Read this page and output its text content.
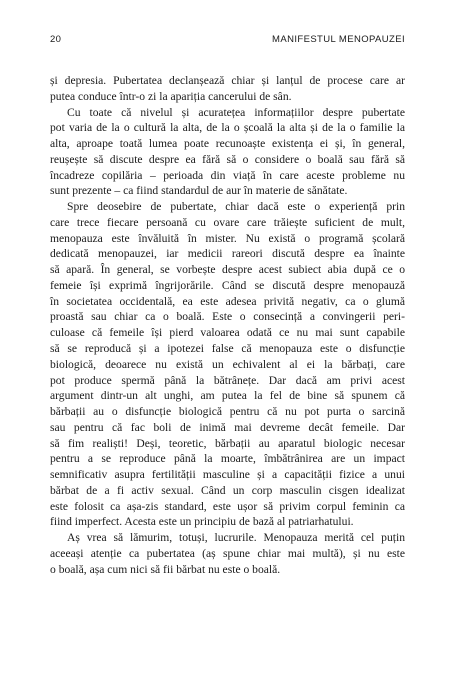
20	MANIFESTUL MENOPAUZEI
și depresia. Pubertatea declanșează chiar și lanțul de procese care ar
putea conduce într-o zi la apariția cancerului de sân.
Cu toate că nivelul și acuratețea informațiilor despre pubertate
pot varia de la o cultură la alta, de la o școală la alta și de la o familie la
alta, aproape toată lumea poate recunoaște existența ei și, în general,
reușește să discute despre ea fără să o considere o boală sau fără să
încadreze copilăria – perioada din viață în care aceste probleme nu
sunt prezente – ca fiind standardul de aur în materie de sănătate.
Spre deosebire de pubertate, chiar dacă este o experiență prin
care trece fiecare persoană cu ovare care trăiește suficient de mult,
menopauza este învăluită în mister. Nu există o programă școlară
dedicată menopauzei, iar medicii rareori discută despre ea înainte
să apară. În general, se vorbește despre acest subiect abia după ce o
femeie își exprimă îngrijorările. Când se discută despre menopauză
în societatea occidentală, ea este adesea privită negativ, ca o glumă
proastă sau chiar ca o boală. Este o consecință a convingerii peri-
culoase că femeile își pierd valoarea odată ce nu mai sunt capabile
să se reproducă și a ipotezei false că menopauza este o disfuncție
biologică, deoarece nu există un echivalent al ei la bărbați, care
pot produce spermă până la bătrânețe. Dar dacă am privi acest
argument dintr-un alt unghi, am putea la fel de bine să spunem că
bărbații au o disfuncție biologică pentru că nu pot purta o sarcină
sau pentru că fac boli de inimă mai devreme decât femeile. Dar
să fim realiști! Deși, teoretic, bărbații au aparatul biologic necesar
pentru a se reproduce până la moarte, îmbătrânirea are un impact
semnificativ asupra fertilității masculine și a capacității fizice a unui
bărbat de a fi activ sexual. Când un corp masculin cisgen idealizat
este folosit ca așa-zis standard, este ușor să privim corpul feminin ca
fiind imperfect. Acesta este un principiu de bază al patriarhatului.
Aș vrea să lămurim, totuși, lucrurile. Menopauza merită cel puțin
aceeași atenție ca pubertatea (aș spune chiar mai multă), și nu este
o boală, așa cum nici să fii bărbat nu este o boală.
